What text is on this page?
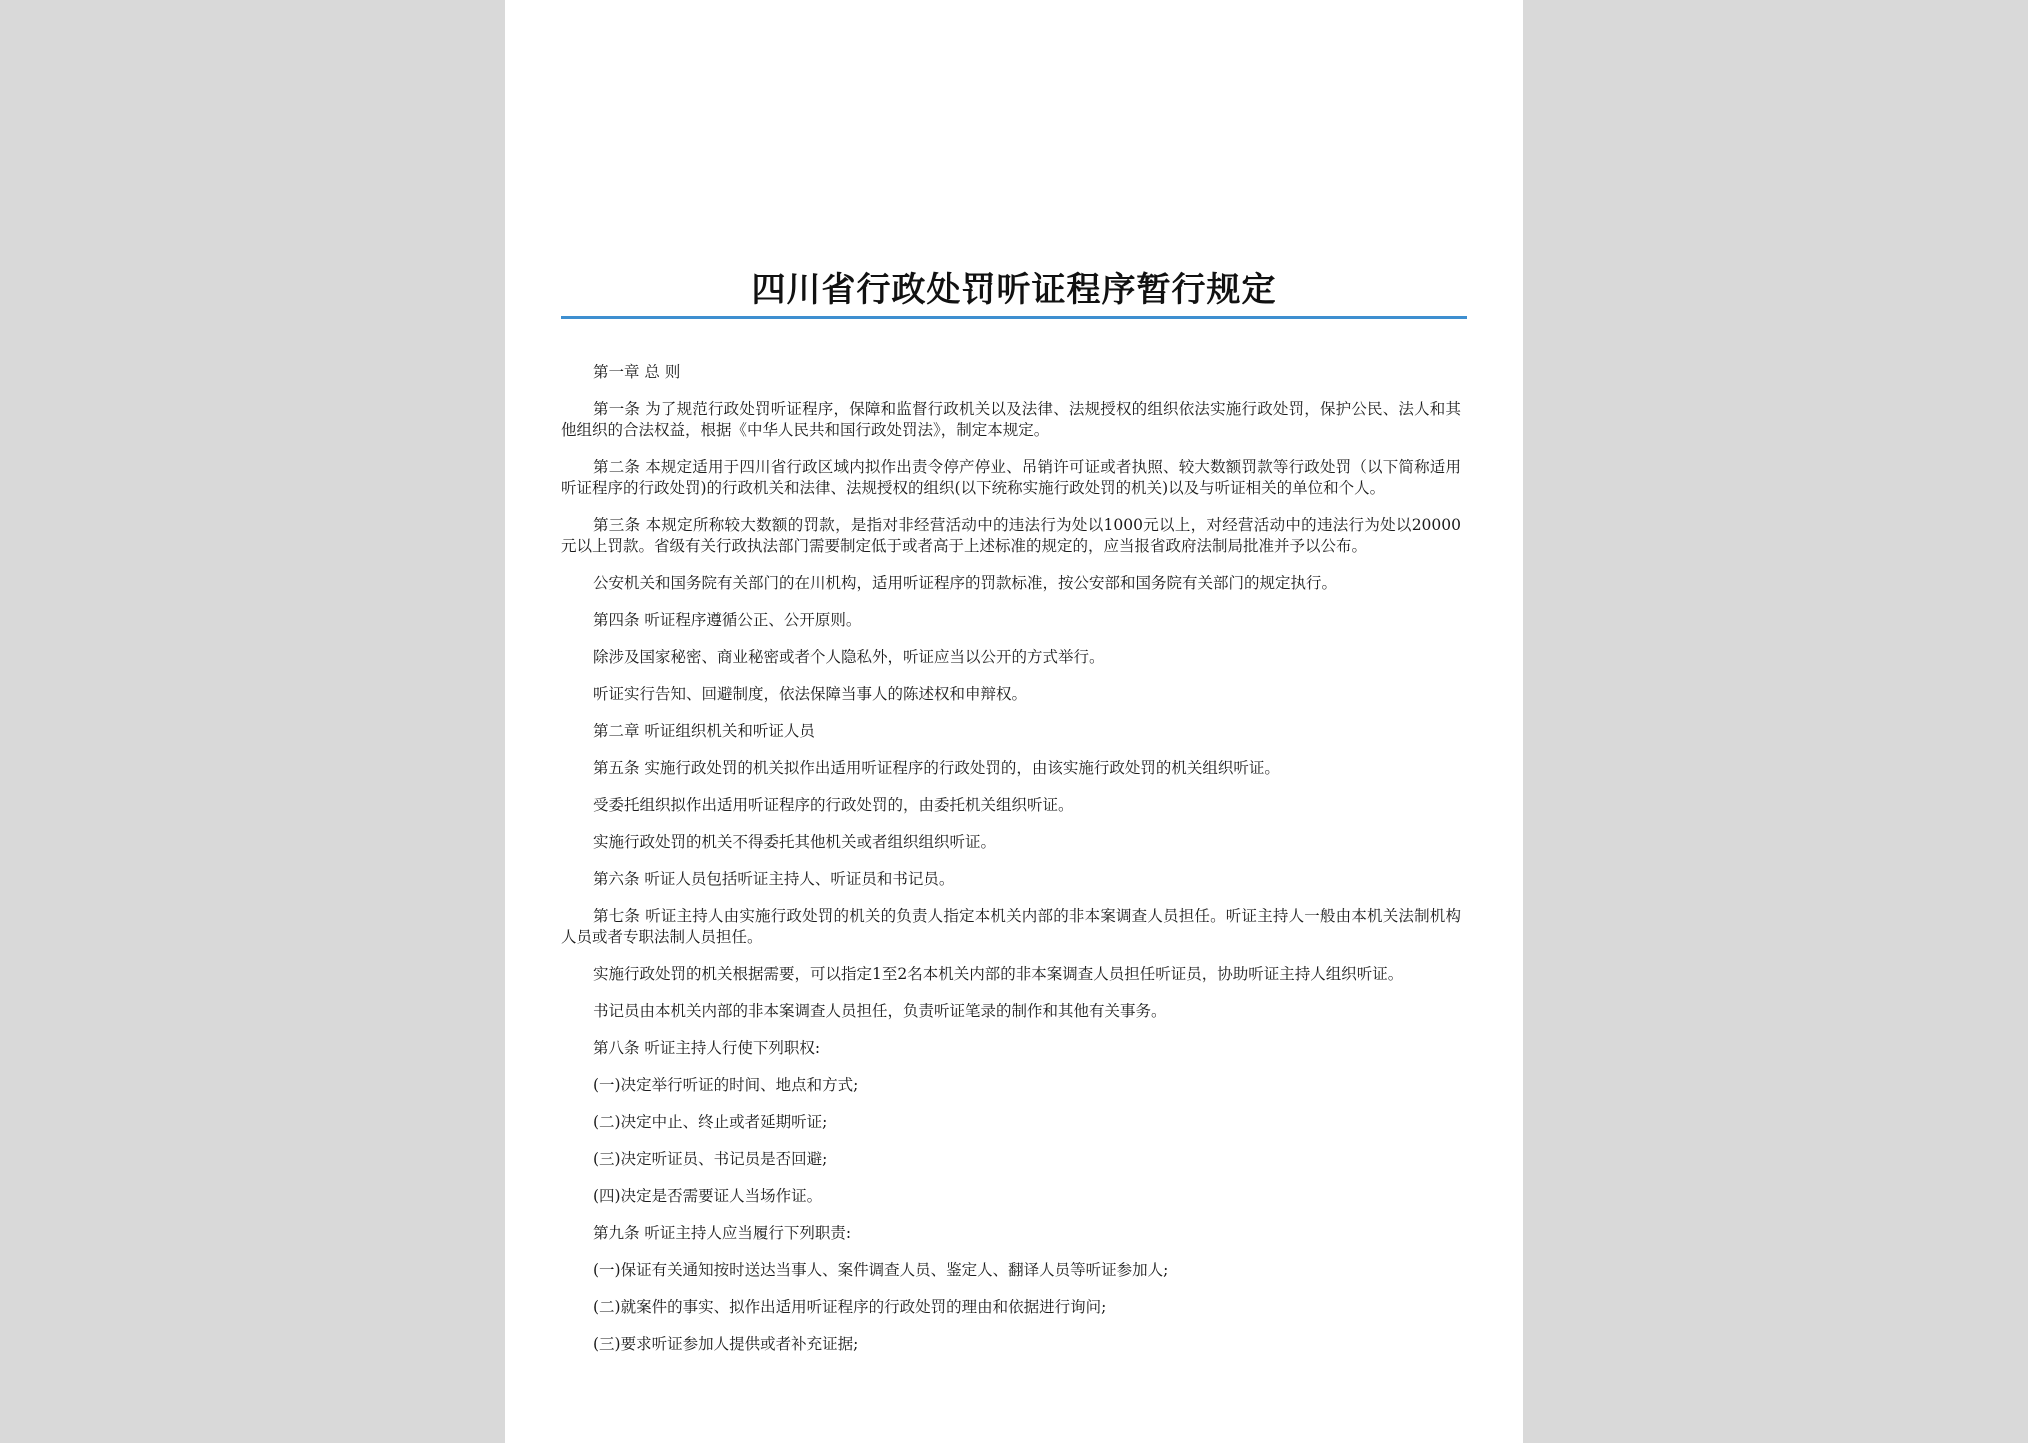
四川省行政处罚听证程序暂行规定

第一章 总 则

第一条 为了规范行政处罚听证程序，保障和监督行政机关以及法律、法规授权的组织依法实施行政处罚，保护公民、法人和其他组织的合法权益，根据《中华人民共和国行政处罚法》，制定本规定。

第二条 本规定适用于四川省行政区域内拟作出责令停产停业、吊销许可证或者执照、较大数额罚款等行政处罚（以下简称适用听证程序的行政处罚)的行政机关和法律、法规授权的组织(以下统称实施行政处罚的机关)以及与听证相关的单位和个人。

第三条 本规定所称较大数额的罚款，是指对非经营活动中的违法行为处以1000元以上，对经营活动中的违法行为处以20000元以上罚款。省级有关行政执法部门需要制定低于或者高于上述标准的规定的，应当报省政府法制局批准并予以公布。

公安机关和国务院有关部门的在川机构，适用听证程序的罚款标准，按公安部和国务院有关部门的规定执行。

第四条 听证程序遵循公正、公开原则。

除涉及国家秘密、商业秘密或者个人隐私外，听证应当以公开的方式举行。

听证实行告知、回避制度，依法保障当事人的陈述权和申辩权。

第二章 听证组织机关和听证人员

第五条 实施行政处罚的机关拟作出适用听证程序的行政处罚的，由该实施行政处罚的机关组织听证。

受委托组织拟作出适用听证程序的行政处罚的，由委托机关组织听证。

实施行政处罚的机关不得委托其他机关或者组织组织听证。

第六条 听证人员包括听证主持人、听证员和书记员。

第七条 听证主持人由实施行政处罚的机关的负责人指定本机关内部的非本案调查人员担任。听证主持人一般由本机关法制机构人员或者专职法制人员担任。

实施行政处罚的机关根据需要，可以指定1至2名本机关内部的非本案调查人员担任听证员，协助听证主持人组织听证。

书记员由本机关内部的非本案调查人员担任，负责听证笔录的制作和其他有关事务。

第八条 听证主持人行使下列职权:

(一)决定举行听证的时间、地点和方式;

(二)决定中止、终止或者延期听证;

(三)决定听证员、书记员是否回避;

(四)决定是否需要证人当场作证。

第九条 听证主持人应当履行下列职责:

(一)保证有关通知按时送达当事人、案件调查人员、鉴定人、翻译人员等听证参加人;

(二)就案件的事实、拟作出适用听证程序的行政处罚的理由和依据进行询问;

(三)要求听证参加人提供或者补充证据;
